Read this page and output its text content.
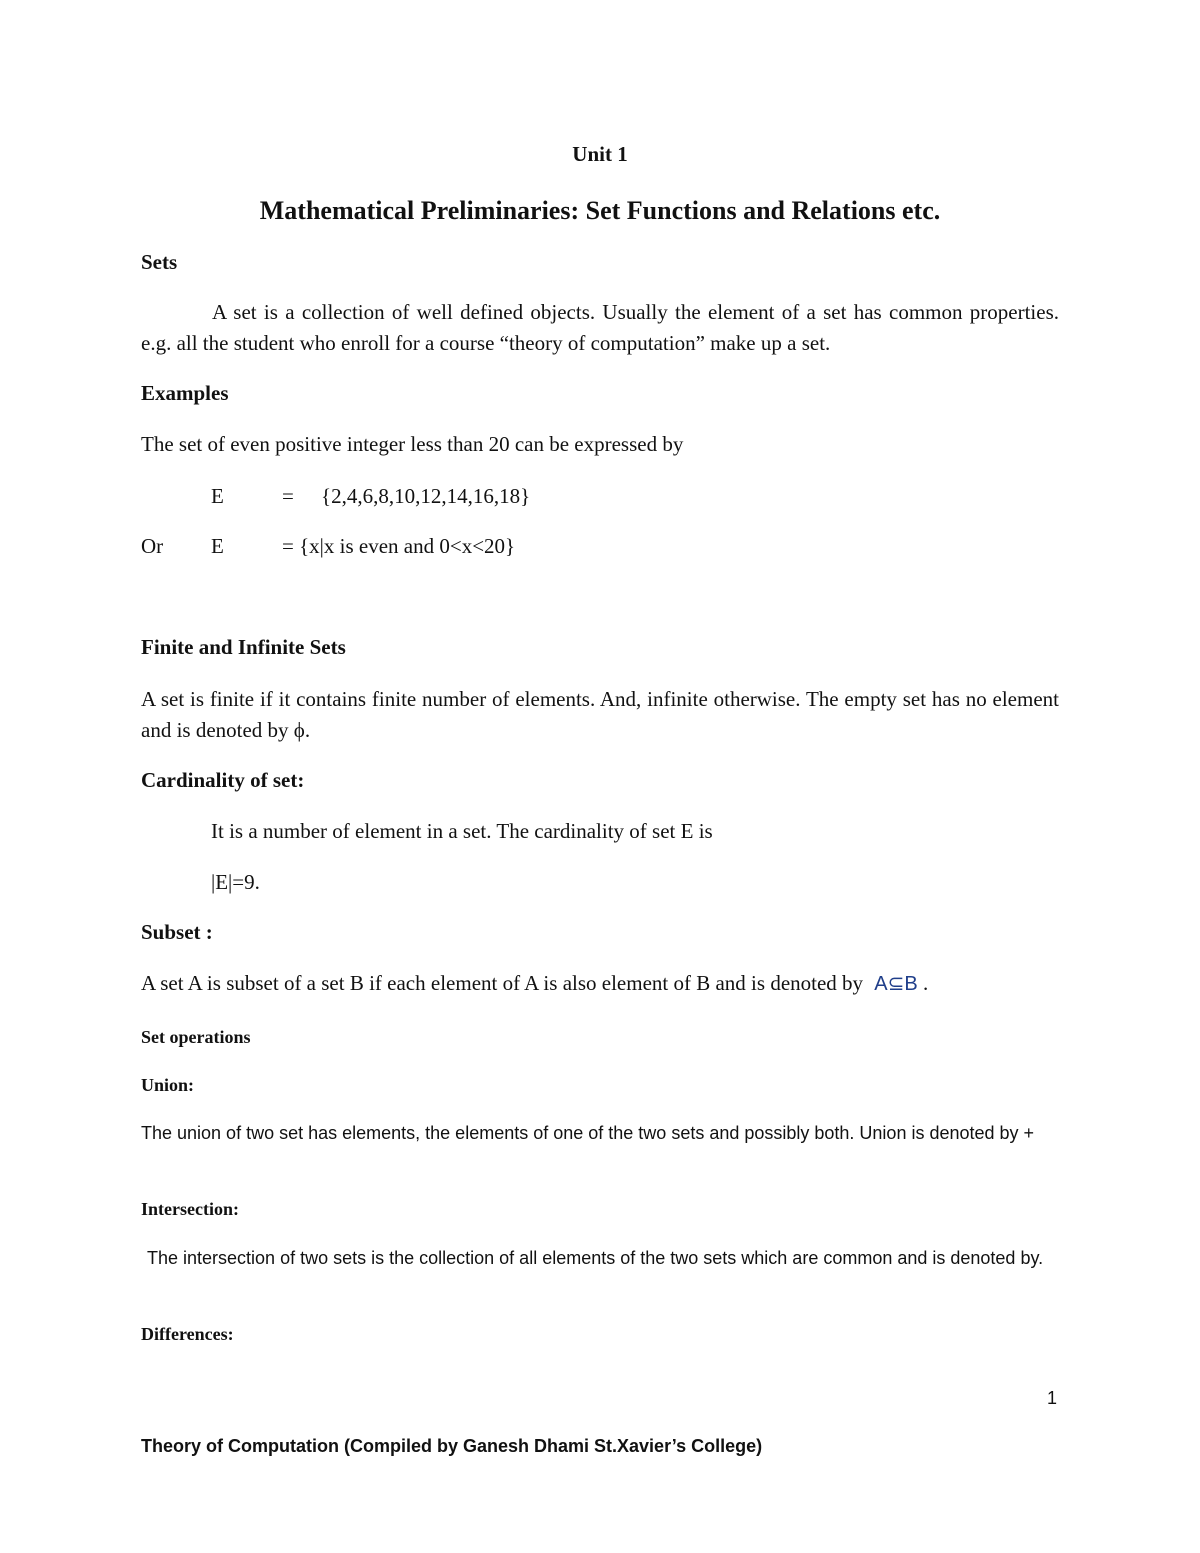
Unit 1
Mathematical Preliminaries: Set Functions and Relations etc.
Sets
A set is a collection of well defined objects. Usually the element of a set has common properties. e.g. all the student who enroll for a course “theory of computation” make up a set.
Examples
The set of even positive integer less than 20 can be expressed by
E	= {2,4,6,8,10,12,14,16,18}
Or E	= {x|x is even and 0<x<20}
Finite and Infinite Sets
A set is finite if it contains finite number of elements. And, infinite otherwise. The empty set has no element and is denoted by ϕ.
Cardinality of set:
It is a number of element in a set. The cardinality of set E is
|E|=9.
Subset :
A set A is subset of a set B if each element of A is also element of B and is denoted by A⊆B .
Set operations
Union:
The union of two set has elements, the elements of one of the two sets and possibly both. Union is denoted by +
Intersection:
The intersection of two sets is the collection of all elements of the two sets which are common and is denoted by.
Differences:
1
Theory of Computation (Compiled by Ganesh Dhami St.Xavier’s College)
